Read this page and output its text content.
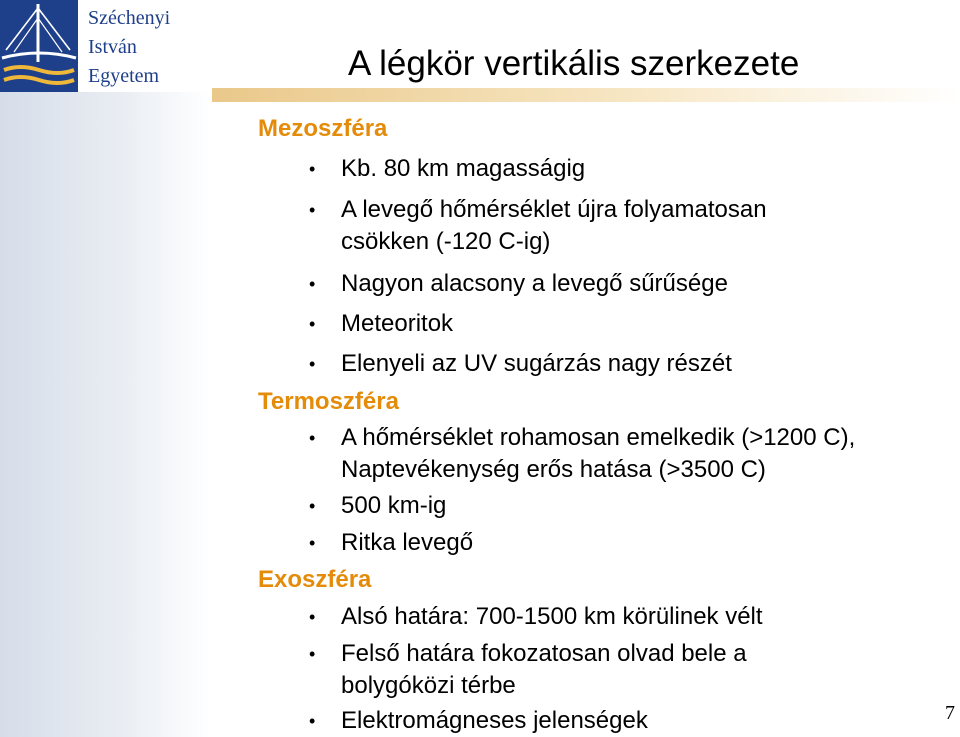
Széchenyi
István
Egyetem	A légkör vertikális szerkezete
Mezoszféra
• Kb. 80 km magasságig
• A levegő hőmérséklet újra folyamatosan csökken (-120 C-ig)
• Nagyon alacsony a levegő sűrűsége
• Meteoritok
• Elenyeli az UV sugárzás nagy részét
Termoszféra
• A hőmérséklet rohamosan emelkedik (>1200 C), Naptevékenység erős hatása (>3500 C)
• 500 km-ig
• Ritka levegő
Exoszféra
• Alsó határa: 700-1500 km körülinek vélt
• Felső határa fokozatosan olvad bele a bolygóközi térbe
• Elektromágneses jelenségek	7
